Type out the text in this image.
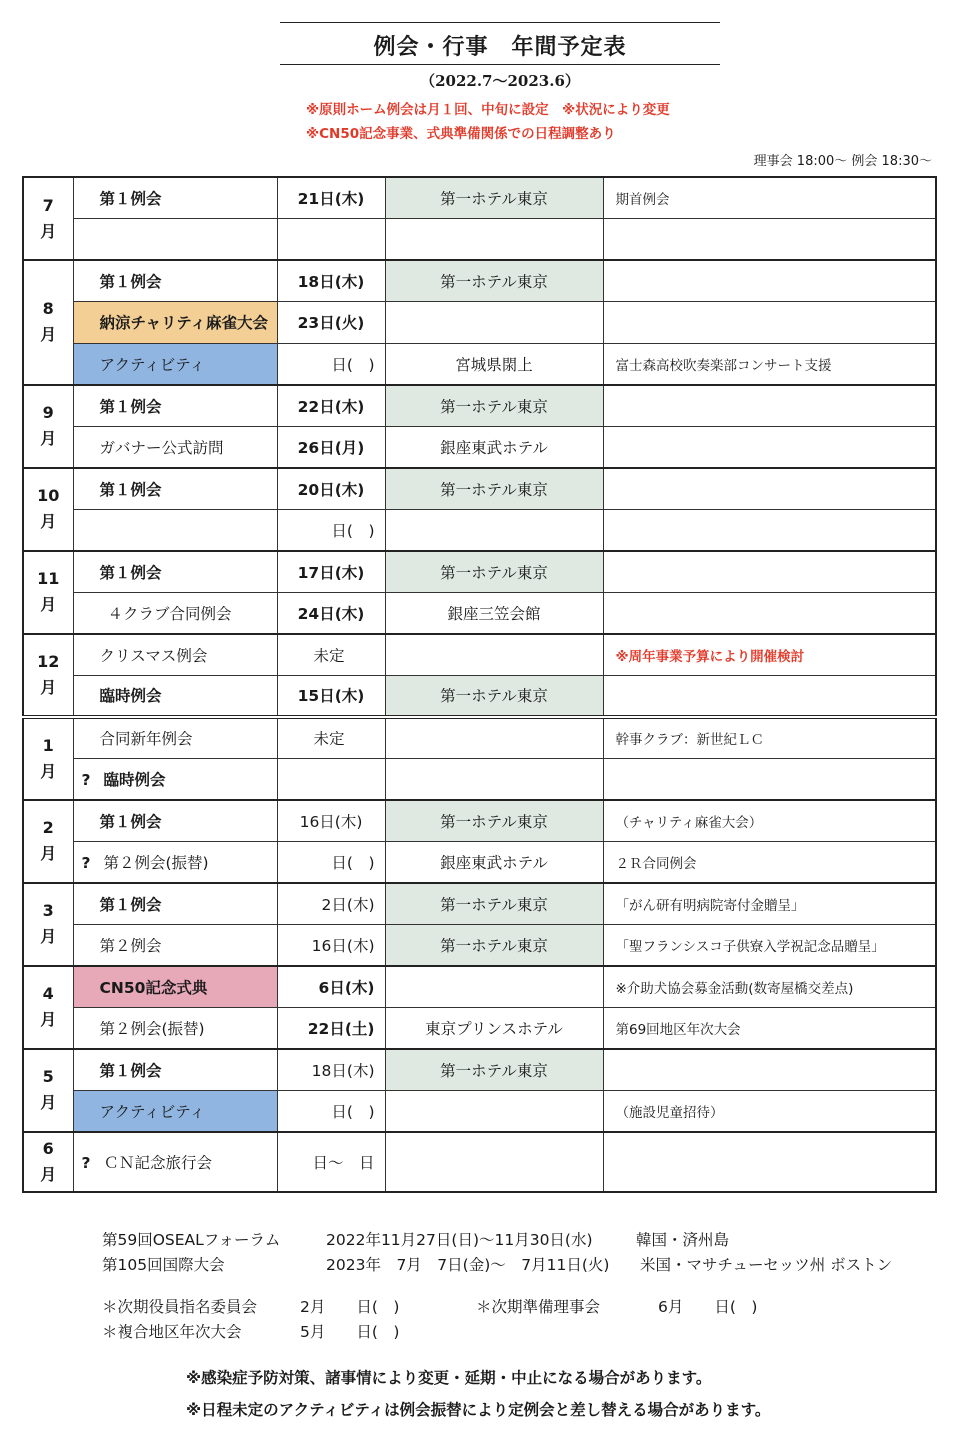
例会・行事　年間予定表
（2022.7～2023.6）
※原則ホーム例会は月１回、中旬に設定　※状況により変更
※CN50記念事業、式典準備関係での日程調整あり
理事会 18:00～ 例会 18:30～
7
月	第１例会	21日(木)	第一ホテル東京	期首例会

8
月	第１例会	18日(木)	第一ホテル東京	
	納涼チャリティ麻雀大会	23日(火)		
	アクティビティ	日(　)	宮城県閖上	富士森高校吹奏楽部コンサート支援
9
月	第１例会	22日(木)	第一ホテル東京	
	ガバナー公式訪問	26日(月)	銀座東武ホテル	
10
月	第１例会	20日(木)	第一ホテル東京	
		日(　)		
11
月	第１例会	17日(木)	第一ホテル東京	
	４クラブ合同例会	24日(木)	銀座三笠会館	
12
月	クリスマス例会	未定		※周年事業予算により開催検討
	臨時例会	15日(木)	第一ホテル東京	
1
月	合同新年例会	未定		幹事クラブ：新世紀ＬＣ
	? 臨時例会			
2
月	第１例会	16日(木)	第一ホテル東京	（チャリティ麻雀大会）
	? 第２例会(振替)	日(　)	銀座東武ホテル	２Ｒ合同例会
3
月	第１例会	2日(木)	第一ホテル東京	「がん研有明病院寄付金贈呈」
	第２例会	16日(木)	第一ホテル東京	「聖フランシスコ子供寮入学祝記念品贈呈」
4
月	CN50記念式典	6日(木)		※介助犬協会募金活動(数寄屋橋交差点)
	第２例会(振替)	22日(土)	東京プリンスホテル	第69回地区年次大会
5
月	第１例会	18日(木)	第一ホテル東京	
	アクティビティ	日(　)		（施設児童招待）
6
月	? ＣＮ記念旅行会	日～　日		
第59回OSEALフォーラム	2022年11月27日(日)～11月30日(水)	韓国・済州島
第105回国際大会	2023年　7月　7日(金)～　7月11日(火) 米国・マサチューセッツ州 ボストン
＊次期役員指名委員会	2月　　日(　)	＊次期準備理事会	6月　　日(　)
＊複合地区年次大会	5月　　日(　)
※感染症予防対策、諸事情により変更・延期・中止になる場合があります。
※日程未定のアクティビティは例会振替により定例会と差し替える場合があります。
